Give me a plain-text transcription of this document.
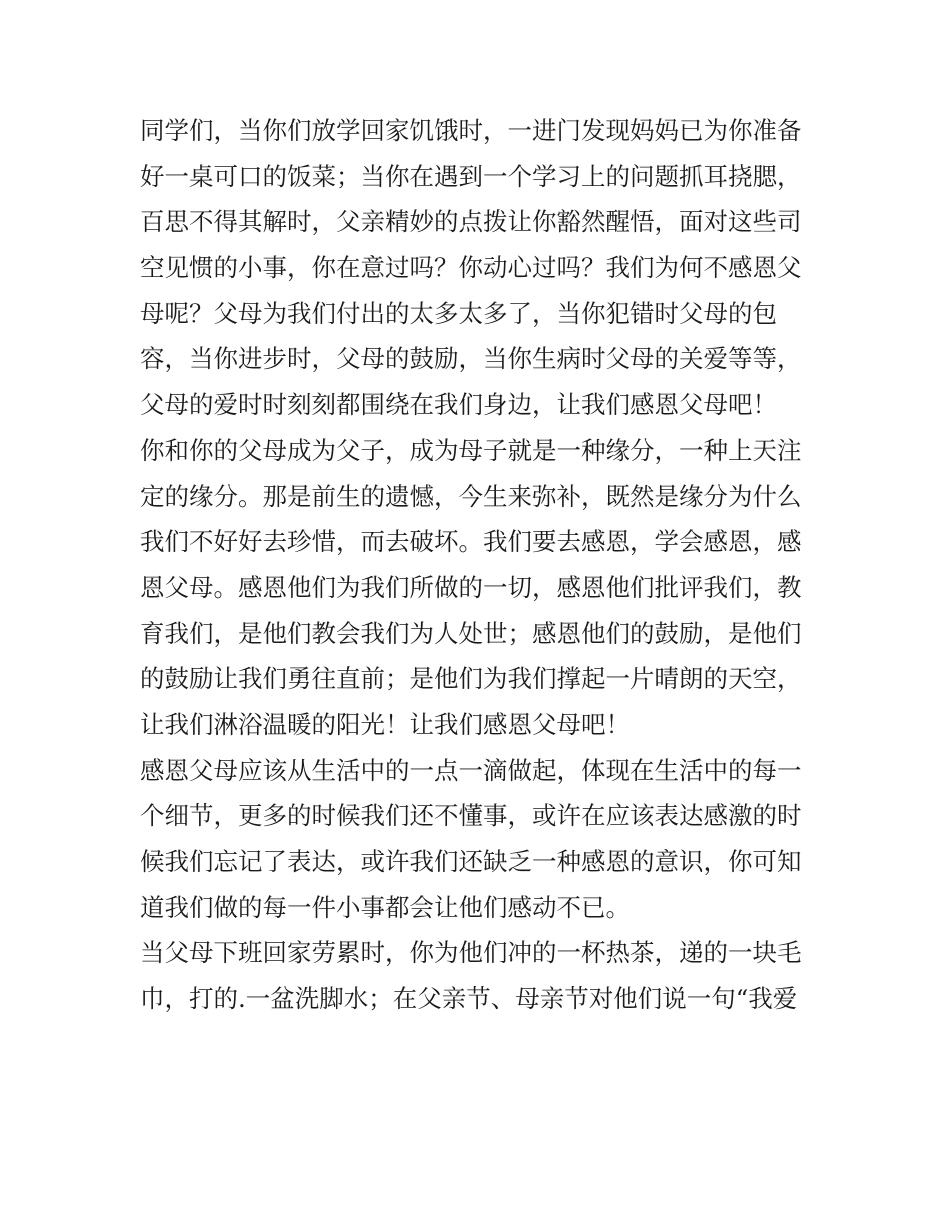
同学们，当你们放学回家饥饿时，一进门发现妈妈已为你准备
好一桌可口的饭菜；当你在遇到一个学习上的问题抓耳挠腮，
百思不得其解时，父亲精妙的点拨让你豁然醒悟，面对这些司
空见惯的小事，你在意过吗？你动心过吗？我们为何不感恩父
母呢？父母为我们付出的太多太多了，当你犯错时父母的包
容，当你进步时，父母的鼓励，当你生病时父母的关爱等等，
父母的爱时时刻刻都围绕在我们身边，让我们感恩父母吧！
你和你的父母成为父子，成为母子就是一种缘分，一种上天注
定的缘分。那是前生的遗憾，今生来弥补，既然是缘分为什么
我们不好好去珍惜，而去破坏。我们要去感恩，学会感恩，感
恩父母。感恩他们为我们所做的一切，感恩他们批评我们，教
育我们，是他们教会我们为人处世；感恩他们的鼓励，是他们
的鼓励让我们勇往直前；是他们为我们撑起一片晴朗的天空，
让我们淋浴温暖的阳光！让我们感恩父母吧！
感恩父母应该从生活中的一点一滴做起，体现在生活中的每一
个细节，更多的时候我们还不懂事，或许在应该表达感激的时
候我们忘记了表达，或许我们还缺乏一种感恩的意识，你可知
道我们做的每一件小事都会让他们感动不已。
当父母下班回家劳累时，你为他们冲的一杯热茶，递的一块毛
巾，打的.一盆洗脚水；在父亲节、母亲节对他们说一句“我爱
